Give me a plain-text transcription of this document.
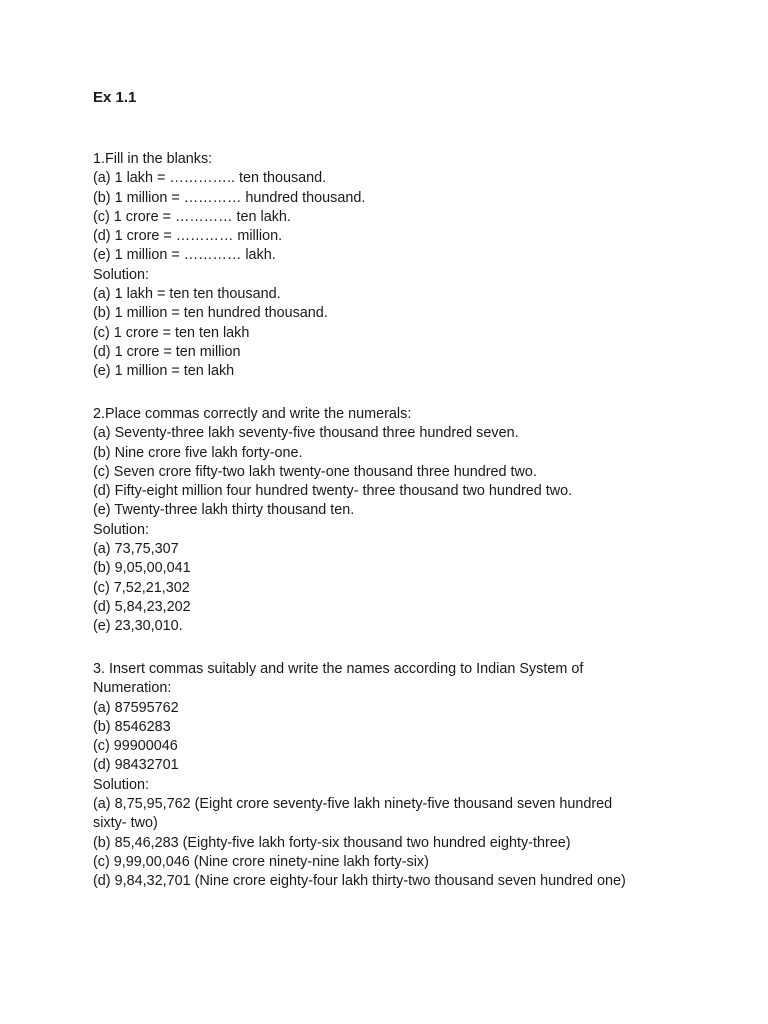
Ex 1.1
1.Fill in the blanks:
(a) 1 lakh = ………….. ten thousand.
(b) 1 million = ………… hundred thousand.
(c) 1 crore = ………… ten lakh.
(d) 1 crore = ………… million.
(e) 1 million = ………… lakh.
Solution:
(a) 1 lakh = ten ten thousand.
(b) 1 million = ten hundred thousand.
(c) 1 crore = ten ten lakh
(d) 1 crore = ten million
(e) 1 million = ten lakh
2.Place commas correctly and write the numerals:
(a) Seventy-three lakh seventy-five thousand three hundred seven.
(b) Nine crore five lakh forty-one.
(c) Seven crore fifty-two lakh twenty-one thousand three hundred two.
(d) Fifty-eight million four hundred twenty- three thousand two hundred two.
(e) Twenty-three lakh thirty thousand ten.
Solution:
(a) 73,75,307
(b) 9,05,00,041
(c) 7,52,21,302
(d) 5,84,23,202
(e) 23,30,010.
3. Insert commas suitably and write the names according to Indian System of
Numeration:
(a) 87595762
(b) 8546283
(c) 99900046
(d) 98432701
Solution:
(a) 8,75,95,762 (Eight crore seventy-five lakh ninety-five thousand seven hundred
sixty- two)
(b) 85,46,283 (Eighty-five lakh forty-six thousand two hundred eighty-three)
(c) 9,99,00,046 (Nine crore ninety-nine lakh forty-six)
(d) 9,84,32,701 (Nine crore eighty-four lakh thirty-two thousand seven hundred one)
